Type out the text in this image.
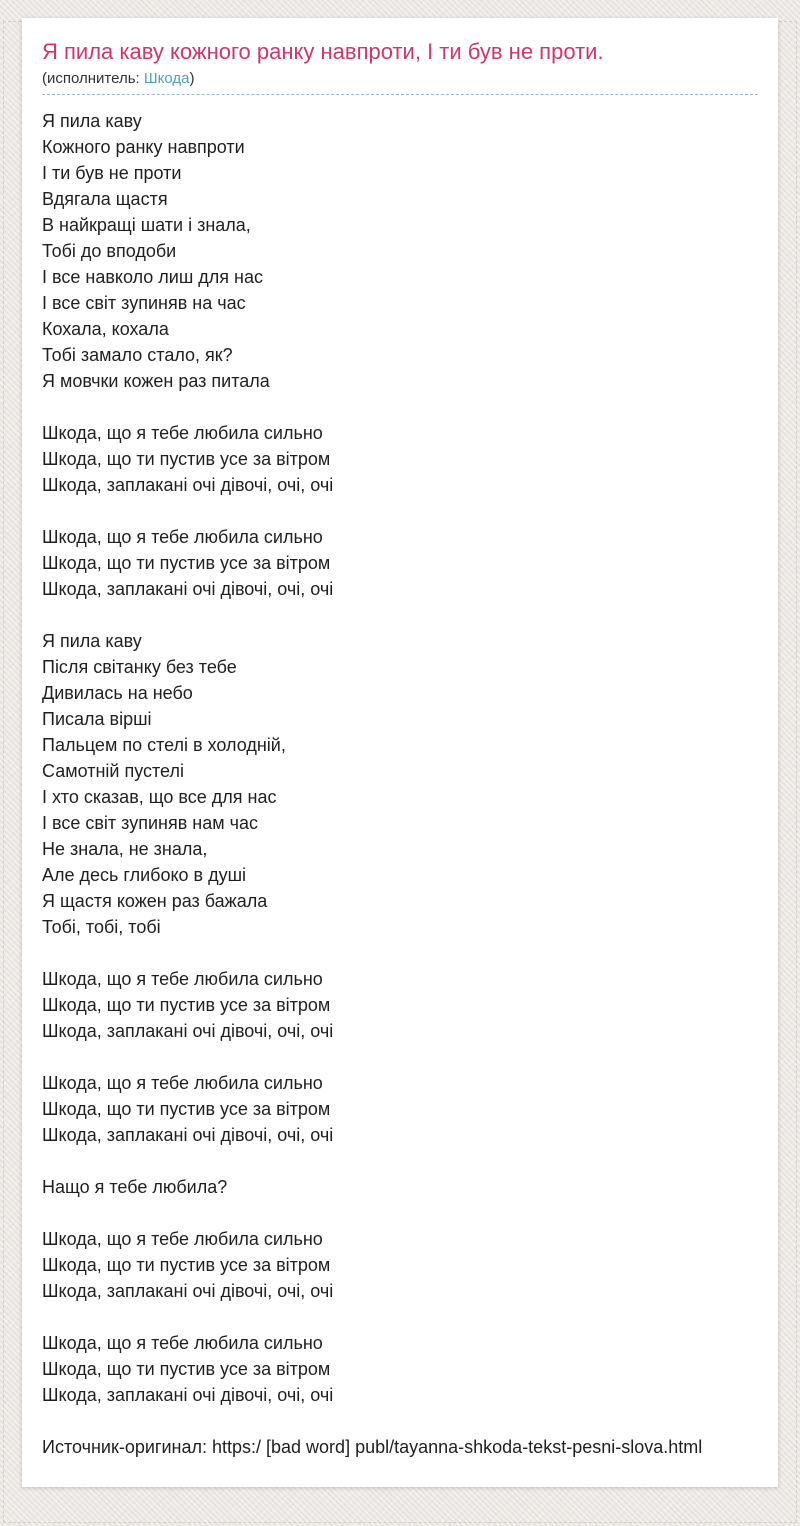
Я пила каву кожного ранку навпроти, І ти був не проти.
(исполнитель: Шкода)
Я пила каву
Кожного ранку навпроти
І ти був не проти
Вдягала щастя
В найкращі шати і знала,
Тобі до вподоби
І все навколо лиш для нас
І все світ зупиняв на час
Кохала, кохала
Тобі замало стало, як?
Я мовчки кожен раз питала
Шкода, що я тебе любила сильно
Шкода, що ти пустив усе за вітром
Шкода, заплакані очі дівочі, очі, очі
Шкода, що я тебе любила сильно
Шкода, що ти пустив усе за вітром
Шкода, заплакані очі дівочі, очі, очі
Я пила каву
Після світанку без тебе
Дивилась на небо
Писала вірші
Пальцем по стелі в холодній,
Самотній пустелі
І хто сказав, що все для нас
І все світ зупиняв нам час
Не знала, не знала,
Але десь глибоко в душі
Я щастя кожен раз бажала
Тобі, тобі, тобі
Шкода, що я тебе любила сильно
Шкода, що ти пустив усе за вітром
Шкода, заплакані очі дівочі, очі, очі
Шкода, що я тебе любила сильно
Шкода, що ти пустив усе за вітром
Шкода, заплакані очі дівочі, очі, очі
Нащо я тебе любила?
Шкода, що я тебе любила сильно
Шкода, що ти пустив усе за вітром
Шкода, заплакані очі дівочі, очі, очі
Шкода, що я тебе любила сильно
Шкода, що ти пустив усе за вітром
Шкода, заплакані очі дівочі, очі, очі
Источник-оригинал: https:/ [bad word] publ/tayanna-shkoda-tekst-pesni-slova.html
